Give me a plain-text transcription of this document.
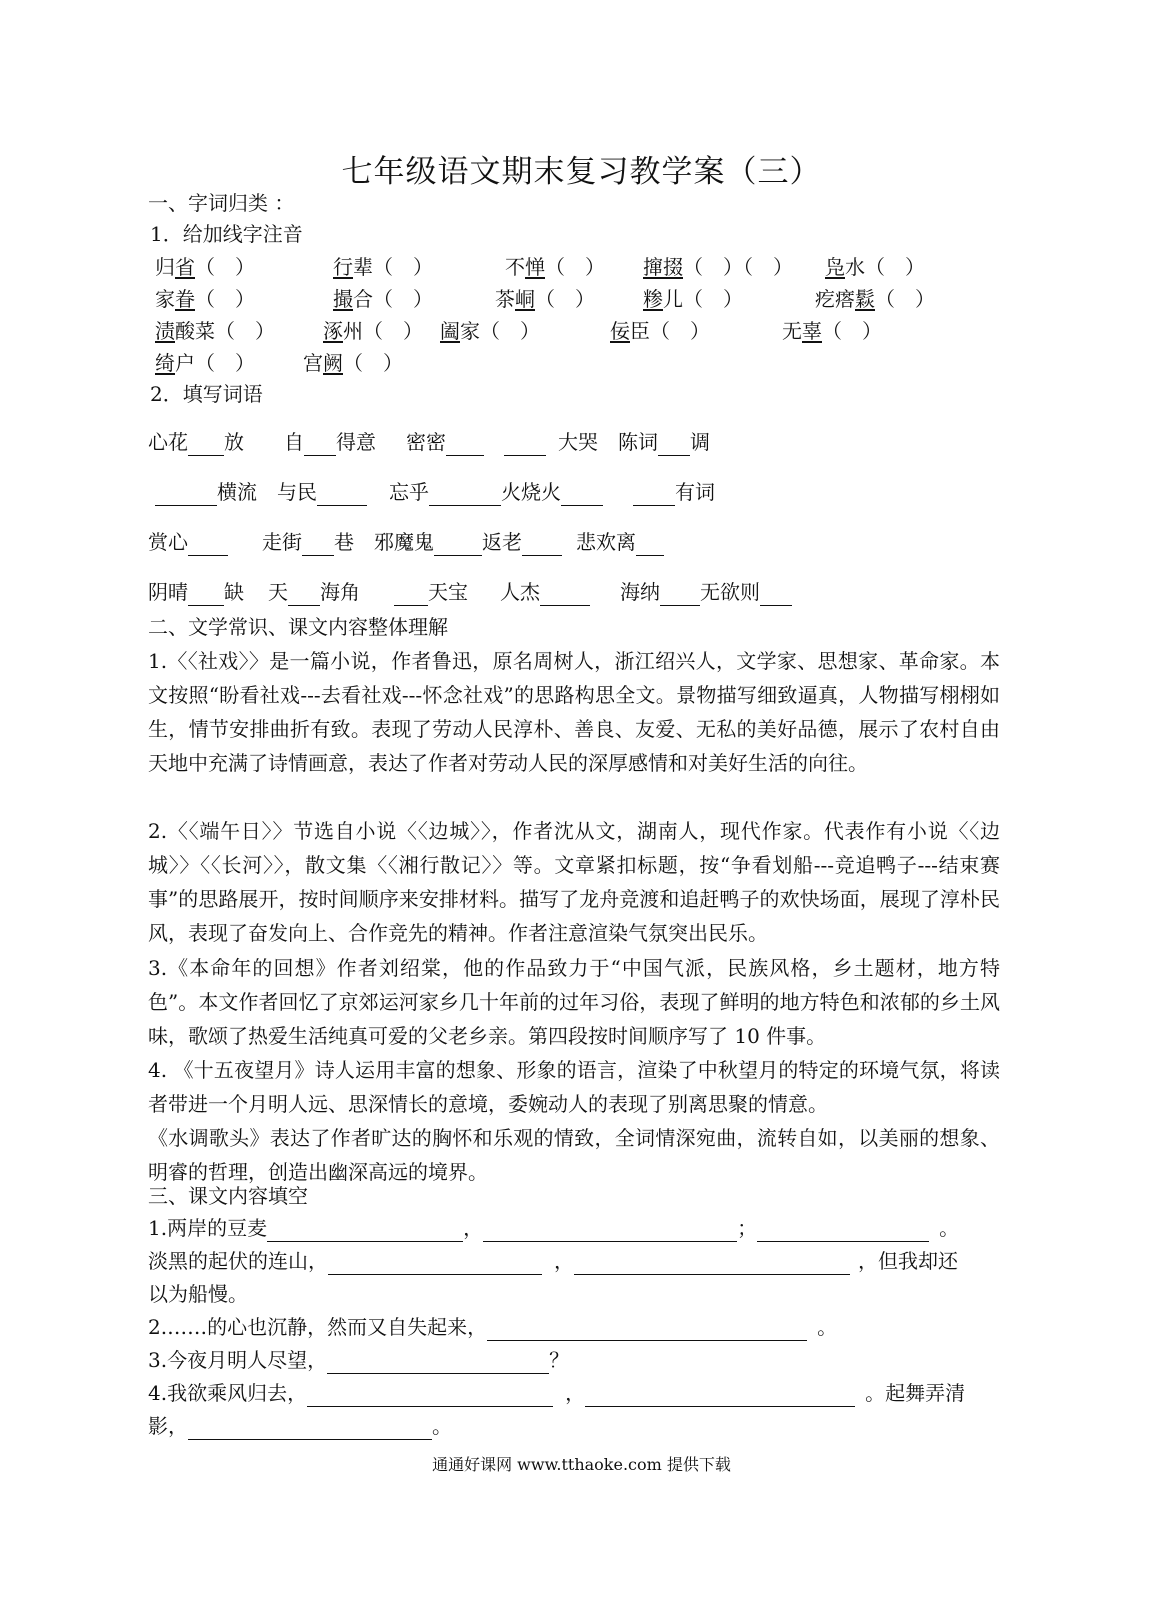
七年级语文期末复习教学案（三）
一、字词归类 ：
1．给加线字注音
归省（　）	行辈（　）	不惮（　） 撺掇（　）（　） 凫水（　）
家眷（　）	撮合（　）	茶峒（　） 糁儿（　）	疙瘩鬏（　）
渍酸菜（　） 涿州（　） 阖家（　）	佞臣（　）	无辜（　）
绮户（　） 宫阙（　）
2．填写词语
心花 放 自 得意 密密	大哭 陈词 调
横流 与民	忘乎	火烧火	有词
赏心	走街 巷 邪魔鬼 返老	悲欢离
阴晴 缺 天 海角	天宝 人杰	海纳 无欲则
二、文学常识、课文内容整体理解
1.〈〈社戏〉〉是一篇小说，作者鲁迅，原名周树人，浙江绍兴人，文学家、思想家、革命家。本文按照“盼看社戏---去看社戏---怀念社戏”的思路构思全文。景物描写细致逼真，人物描写栩栩如生，情节安排曲折有致。表现了劳动人民淳朴、善良、友爱、无私的美好品德，展示了农村自由天地中充满了诗情画意，表达了作者对劳动人民的深厚感情和对美好生活的向往。
2.〈〈端午日〉〉节选自小说〈〈边城〉〉，作者沈从文，湖南人，现代作家。代表作有小说〈〈边城〉〉〈〈长河〉〉，散文集〈〈湘行散记〉〉等。文章紧扣标题，按“争看划船---竞追鸭子---结束赛事”的思路展开，按时间顺序来安排材料。描写了龙舟竞渡和追赶鸭子的欢快场面，展现了淳朴民风，表现了奋发向上、合作竞先的精神。作者注意渲染气氛突出民乐。
3.《本命年的回想》作者刘绍棠，他的作品致力于“中国气派，民族风格，乡土题材，地方特色”。本文作者回忆了京郊运河家乡几十年前的过年习俗，表现了鲜明的地方特色和浓郁的乡土风味，歌颂了热爱生活纯真可爱的父老乡亲。第四段按时间顺序写了 10 件事。
4. 《十五夜望月》诗人运用丰富的想象、形象的语言，渲染了中秋望月的特定的环境气氛，将读者带进一个月明人远、思深情长的意境，委婉动人的表现了别离思聚的情意。
《水调歌头》表达了作者旷达的胸怀和乐观的情致，全词情深宛曲，流转自如，以美丽的想象、明睿的哲理，创造出幽深高远的境界。
三、课文内容填空
1.两岸的豆麦	，	；	。
淡黑的起伏的连山，	，	，但我却还
以为船慢。
2.……的心也沉静，然而又自失起来，	。
3.今夜月明人尽望，	？
4.我欲乘风归去，	，	。起舞弄清
影，	。
通通好课网 www.tthaoke.com 提供下载
